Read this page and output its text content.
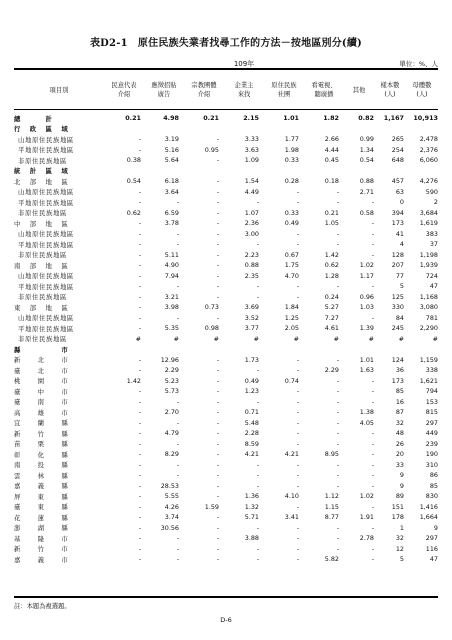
表D2-1　原住民族失業者找尋工作的方法－按地區別分(續)
109年	單位：%、人
項目別
民意代表
介紹
應徵招貼
廣告
宗教團體
介紹
企業主
來找
原住民族
社團
看電視、
聽廣播
其他
樣本數
(人)
母體數
(人)
總　　　計	0.21	4.98	0.21	2.15	1.01	1.82	0.82	1,167	10,913
行　政　區　域									
山地原住民族地區	-	3.19	-	3.33	1.77	2.66	0.99	265	2,478
平地原住民族地區	-	5.16	0.95	3.63	1.98	4.44	1.34	254	2,376
非原住民族地區	0.38	5.64	-	1.09	0.33	0.45	0.54	648	6,060
統　計　區　域									
北　部　地　區	0.54	6.18	-	1.54	0.28	0.18	0.88	457	4,276
山地原住民族地區	-	3.64	-	4.49	-	-	2.71	63	590
平地原住民族地區	-	-	-	-	-	-	-	0	2
非原住民族地區	0.62	6.59	-	1.07	0.33	0.21	0.58	394	3,684
中　部　地　區	-	3.78	-	2.36	0.49	1.05	-	173	1,619
山地原住民族地區	-	-	-	3.00	-	-	-	41	383
平地原住民族地區	-	-	-	-	-	-	-	4	37
非原住民族地區	-	5.11	-	2.23	0.67	1.42	-	128	1,198
南　部　地　區	-	4.90	-	0.88	1.75	0.62	1.02	207	1,939
山地原住民族地區	-	7.94	-	2.35	4.70	1.28	1.17	77	724
平地原住民族地區	-	-	-	-	-	-	-	5	47
非原住民族地區	-	3.21	-	-	-	0.24	0.96	125	1,168
東　部　地　區	-	3.98	0.73	3.69	1.84	5.27	1.03	330	3,080
山地原住民族地區	-	-	-	3.52	1.25	7.27	-	84	781
平地原住民族地區	-	5.35	0.98	3.77	2.05	4.61	1.39	245	2,290
非原住民族地區	#	#	#	#	#	#	#	#	#
縣　　　　　市									
新　　北　　市	-	12.96	-	1.73	-	-	1.01	124	1,159
臺　　北　　市	-	2.29	-	-	-	2.29	1.63	36	338
桃　　園　　市	1.42	5.23	-	0.49	0.74	-	-	173	1,621
臺　　中　　市	-	5.73	-	1.23	-	-	-	85	794
臺　　南　　市	-	-	-	-	-	-	-	16	153
高　　雄　　市	-	2.70	-	0.71	-	-	1.38	87	815
宜　　蘭　　縣	-	-	-	5.48	-	-	4.05	32	297
新　　竹　　縣	-	4.79	-	2.28	-	-	-	48	449
苗　　栗　　縣	-	-	-	8.59	-	-	-	26	239
彰　　化　　縣	-	8.29	-	4.21	4.21	8.95	-	20	190
南　　投　　縣	-	-	-	-	-	-	-	33	310
雲　　林　　縣	-	-	-	-	-	-	-	9	86
嘉　　義　　縣	-	28.53	-	-	-	-	-	9	85
屏　　東　　縣	-	5.55	-	1.36	4.10	1.12	1.02	89	830
臺　　東　　縣	-	4.26	1.59	1.32	-	1.15	-	151	1,416
花　　蓮　　縣	-	3.74	-	5.71	3.41	8.77	1.91	178	1,664
澎　　湖　　縣	-	30.56	-	-	-	-	-	1	9
基　　隆　　市	-	-	-	3.88	-	-	2.78	32	297
新　　竹　　市	-	-	-	-	-	-	-	12	116
嘉　　義　　市	-	-	-	-	-	5.82	-	5	47
註：本題為複選題。
D-6
